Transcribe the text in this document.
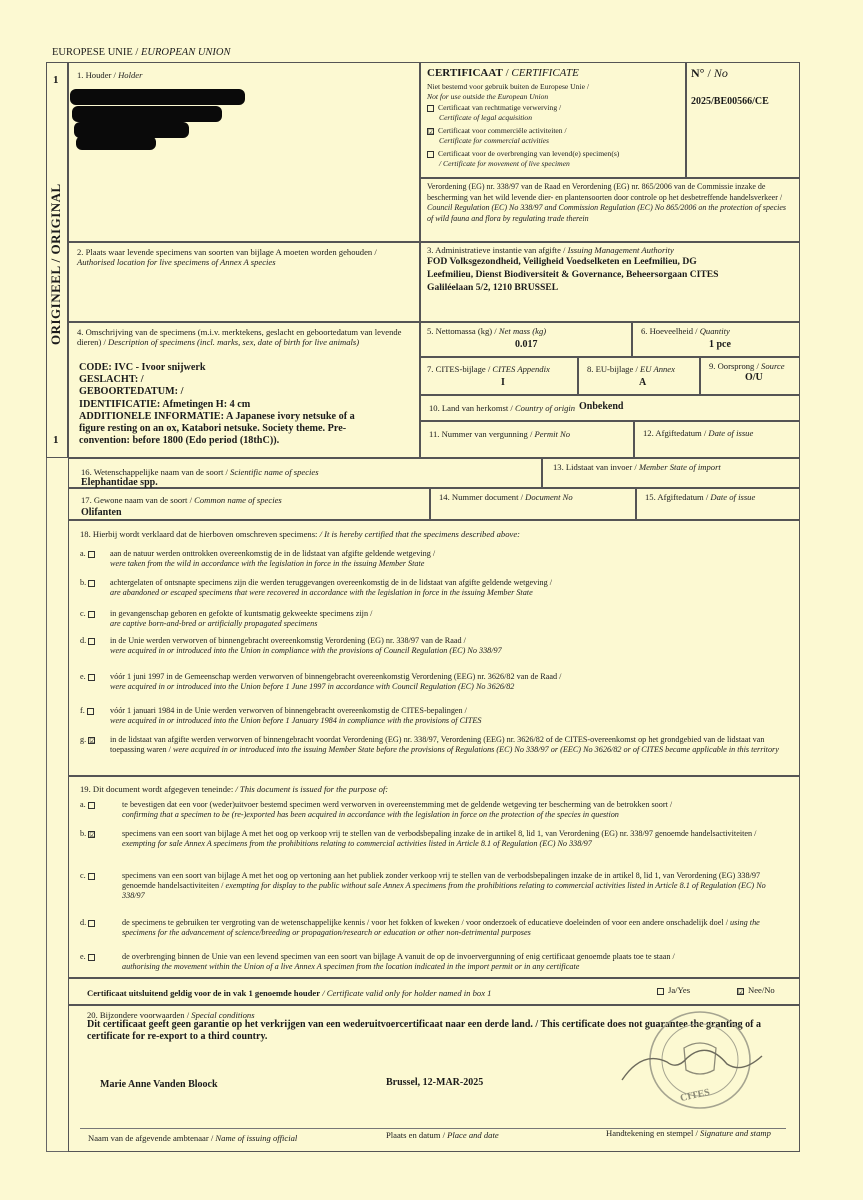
EUROPESE UNIE / EUROPEAN UNION
1
1
ORIGINEEL / ORIGINAL
1. Houder / Holder	CERTIFICAAT / CERTIFICATE
Niet bestemd voor gebruik buiten de Europese Unie /
Not for use outside the European Union
Certificaat van rechtmatige verwerving /
Certificate of legal acquisition
☑ Certificaat voor commerciële activiteiten /
Certificate for commercial activities
Certificaat voor de overbrenging van levend(e) specimen(s)
/ Certificate for movement of live specimen
N° / No
2025/BE00566/CE
Verordening (EG) nr. 338/97 van de Raad en Verordening (EG) nr. 865/2006 van de Commissie inzake de bescherming van het wild levende dier- en plantensoorten door controle op het desbetreffende handelsverkeer / Council Regulation (EC) No 338/97 and Commission Regulation (EC) No 865/2006 on the protection of species of wild fauna and flora by regulating trade therein
2. Plaats waar levende specimens van soorten van bijlage A moeten worden gehouden / Authorised location for live specimens of Annex A species
3. Administratieve instantie van afgifte / Issuing Management Authority
FOD Volksgezondheid, Veiligheid Voedselketen en Leefmilieu, DG
Leefmilieu, Dienst Biodiversiteit & Governance, Beheersorgaan CITES
Galiléelaan 5/2, 1210 BRUSSEL
4. Omschrijving van de specimens (m.i.v. merktekens, geslacht en geboortedatum van levende dieren) / Description of specimens (incl. marks, sex, date of birth for live animals)
CODE: IVC - Ivoor snijwerk
GESLACHT: /
GEBOORTEDATUM: /
IDENTIFICATIE: Afmetingen H: 4 cm
ADDITIONELE INFORMATIE: A Japanese ivory netsuke of a
figure resting on an ox, Katabori netsuke. Society theme. Pre-
convention: before 1800 (Edo period (18thC)).
5. Nettomassa (kg) / Net mass (kg)
0.017
6. Hoeveelheid / Quantity
1 pce
7. CITES-bijlage / CITES Appendix
I
8. EU-bijlage / EU Annex
A
9. Oorsprong / Source
O/U
10. Land van herkomst / Country of origin Onbekend
11. Nummer van vergunning / Permit No	12. Afgiftedatum / Date of issue
16. Wetenschappelijke naam van de soort / Scientific name of species
Elephantidae spp.
13. Lidstaat van invoer / Member State of import
17. Gewone naam van de soort / Common name of species
Olifanten
14. Nummer document / Document No	15. Afgiftedatum / Date of issue
18. Hierbij wordt verklaard dat de hierboven omschreven specimens: / It is hereby certified that the specimens described above:
a.	aan de natuur werden onttrokken overeenkomstig de in de lidstaat van afgifte geldende wetgeving /
were taken from the wild in accordance with the legislation in force in the issuing Member State
b.	achtergelaten of ontsnapte specimens zijn die werden teruggevangen overeenkomstig de in de lidstaat van afgifte geldende wetgeving /
are abandoned or escaped specimens that were recovered in accordance with the legislation in force in the issuing Member State
c.	in gevangenschap geboren en gefokte of kuntsmatig gekweekte specimens zijn /
are captive born-and-bred or artificially propagated specimens
d.	in de Unie werden verworven of binnengebracht overeenkomstig Verordening (EG) nr. 338/97 van de Raad /
were acquired in or introduced into the Union in compliance with the provisions of Council Regulation (EC) No 338/97
e.	vóór 1 juni 1997 in de Gemeenschap werden verworven of binnengebracht overeenkomstig Verordening (EEG) nr. 3626/82 van de Raad /
were acquired in or introduced into the Union before 1 June 1997 in accordance with Council Regulation (EC) No 3626/82
f.	vóór 1 januari 1984 in de Unie werden verworven of binnengebracht overeenkomstig de CITES-bepalingen /
were acquired in or introduced into the Union before 1 January 1984 in compliance with the provisions of CITES
g. ☑	in de lidstaat van afgifte werden verworven of binnengebracht voordat Verordening (EG) nr. 338/97, Verordening (EEG) nr. 3626/82 of de CITES-overeenkomst op het grondgebied van de lidstaat van toepassing waren / were acquired in or introduced into the issuing Member State before the provisions of Regulations (EC) No 338/97 or (EEC) No 3626/82 or of CITES became applicable in this territory
19. Dit document wordt afgegeven teneinde: / This document is issued for the purpose of:
a.	te bevestigen dat een voor (weder)uitvoer bestemd specimen werd verworven in overeenstemming met de geldende wetgeving ter bescherming van de betrokken soort /
confirming that a specimen to be (re-)exported has been acquired in accordance with the legislation in force on the protection of the species in question
b. ☑	specimens van een soort van bijlage A met het oog op verkoop vrij te stellen van de verbodsbepaling inzake de in artikel 8, lid 1, van Verordening (EG) nr. 338/97 genoemde handelsactiviteiten / exempting for sale Annex A specimens from the prohibitions relating to commercial activities listed in Article 8.1 of Regulation (EC) No 338/97
c.	specimens van een soort van bijlage A met het oog op vertoning aan het publiek zonder verkoop vrij te stellen van de verbodsbepalingen inzake de in artikel 8, lid 1, van Verordening (EG) 338/97 genoemde handelsactiviteiten / exempting for display to the public without sale Annex A specimens from the prohibitions relating to commercial activities listed in Article 8.1 of Regulation (EC) No 338/97
d.	de specimens te gebruiken ter vergroting van de wetenschappelijke kennis / voor het fokken of kweken / voor onderzoek of educatieve doeleinden of voor een andere onschadelijk doel / using the specimens for the advancement of science/breeding or propagation/research or education or other non-detrimental purposes
e.	de overbrenging binnen de Unie van een levend specimen van een soort van bijlage A vanuit de op de invoervergunning of enig certificaat genoemde plaats toe te staan /
authorising the movement within the Union of a live Annex A specimen from the location indicated in the import permit or in any certificate
Certificaat uitsluitend geldig voor de in vak 1 genoemde houder / Certificate valid only for holder named in box 1	Ja/Yes	☑ Nee/No
20. Bijzondere voorwaarden / Special conditions
Dit certificaat geeft geen garantie op het verkrijgen van een wederuitvoercertificaat naar een derde land. / This certificate does not guarantee the granting of a certificate for re-export to a third country.
Marie Anne Vanden Bloock	Brussel, 12-MAR-2025
CITES
Naam van de afgevende ambtenaar / Name of issuing official	Plaats en datum / Place and date	Handtekening en stempel / Signature and stamp
